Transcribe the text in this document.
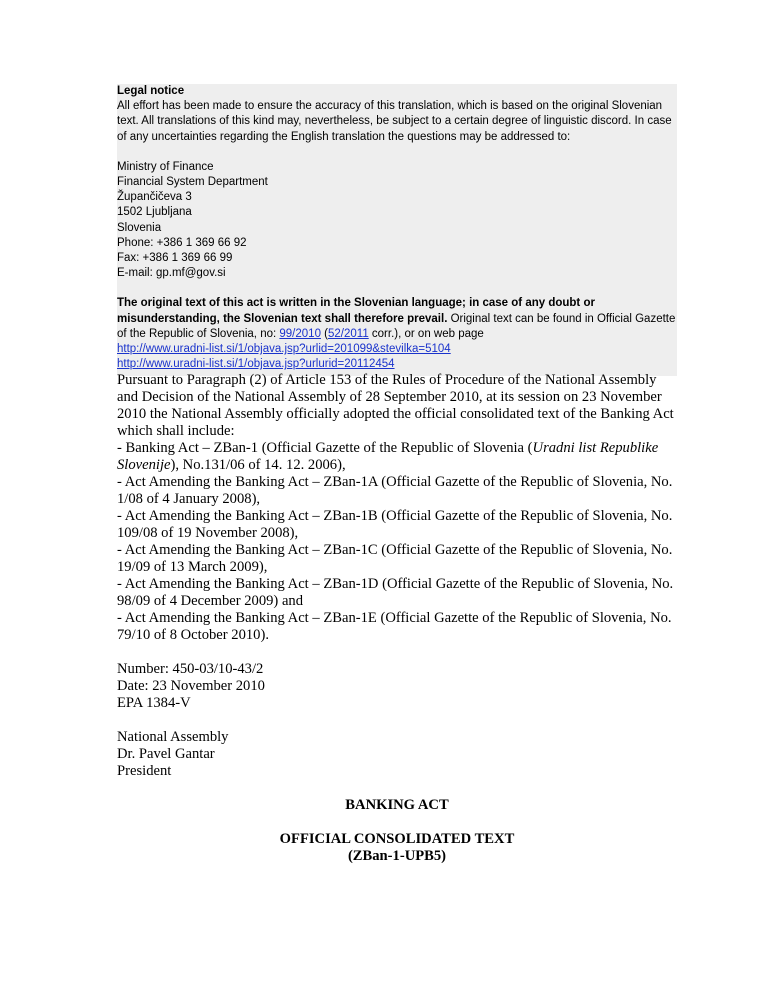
Legal notice

All effort has been made to ensure the accuracy of this translation, which is based on the original Slovenian text. All translations of this kind may, nevertheless, be subject to a certain degree of linguistic discord. In case of any uncertainties regarding the English translation the questions may be addressed to:

Ministry of Finance

Financial System Department

Župančičeva 3

1502 Ljubljana

Slovenia

Phone: +386 1 369 66 92

Fax: +386 1 369 66 99

E-mail: gp.mf@gov.si

The original text of this act is written in the Slovenian language; in case of any doubt or misunderstanding, the Slovenian text shall therefore prevail. Original text can be found in Official Gazette of the Republic of Slovenia, no: 99/2010 (52/2011 corr.), or on web page

http://www.uradni-list.si/1/objava.jsp?urlid=201099&stevilka=5104

http://www.uradni-list.si/1/objava.jsp?urlurid=20112454

Pursuant to Paragraph (2) of Article 153 of the Rules of Procedure of the National Assembly and Decision of the National Assembly of 28 September 2010, at its session on 23 November 2010 the National Assembly officially adopted the official consolidated text of the Banking Act which shall include:

- Banking Act – ZBan-1 (Official Gazette of the Republic of Slovenia (Uradni list Republike Slovenije), No.131/06 of 14. 12. 2006),

- Act Amending the Banking Act – ZBan-1A (Official Gazette of the Republic of Slovenia, No. 1/08 of 4 January 2008),

- Act Amending the Banking Act – ZBan-1B (Official Gazette of the Republic of Slovenia, No. 109/08 of 19 November 2008),

- Act Amending the Banking Act – ZBan-1C (Official Gazette of the Republic of Slovenia, No. 19/09 of 13 March 2009),

- Act Amending the Banking Act – ZBan-1D (Official Gazette of the Republic of Slovenia, No. 98/09 of 4 December 2009) and

- Act Amending the Banking Act – ZBan-1E (Official Gazette of the Republic of Slovenia, No. 79/10 of 8 October 2010).

Number: 450-03/10-43/2

Date: 23 November 2010

EPA 1384-V

National Assembly

Dr. Pavel Gantar

President

BANKING ACT

OFFICIAL CONSOLIDATED TEXT

(ZBan-1-UPB5)
